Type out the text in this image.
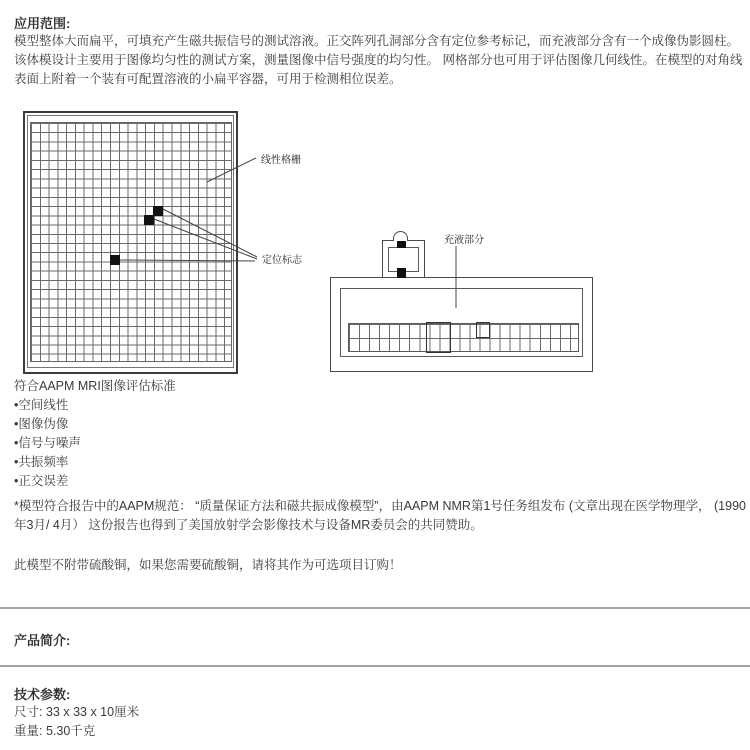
应用范围:
模型整体大而扁平，可填充产生磁共振信号的测试溶液。正交阵列孔洞部分含有定位参考标记，而充液部分含有一个成像伪影圆柱。
该体模设计主要用于图像均匀性的测试方案，测量图像中信号强度的均匀性。 网格部分也可用于评估图像几何线性。在模型的对角线表面上附着一个装有可配置溶液的小扁平容器，可用于检测相位误差。
线性格栅
定位标志
充液部分
符合AAPM MRI图像评估标准
•空间线性
•图像伪像
•信号与噪声
•共振频率
•正交误差
*模型符合报告中的AAPM规范： “质量保证方法和磁共振成像模型”，由AAPM NMR第1号任务组发布 (文章出现在医学物理学， (1990年3月/ 4月） 这份报告也得到了美国放射学会影像技术与设备MR委员会的共同赞助。
此模型不附带硫酸铜，如果您需要硫酸铜，请将其作为可选项目订购！
产品简介:
技术参数:
尺寸: 33 x 33 x 10厘米
重量: 5.30千克
